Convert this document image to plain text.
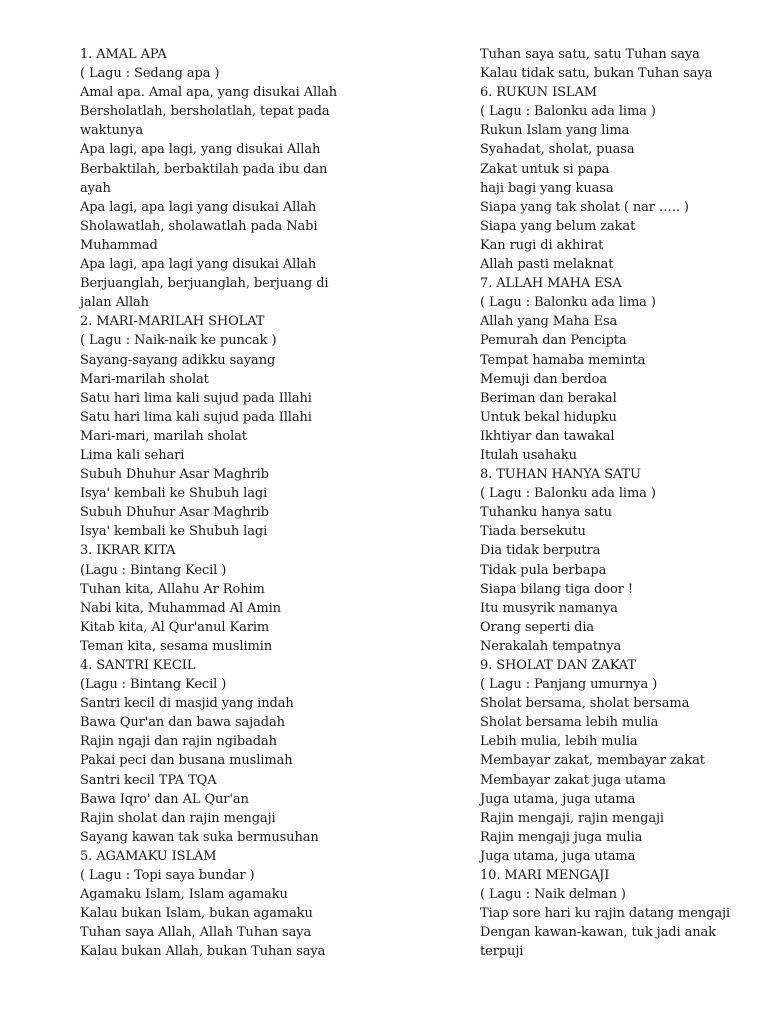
1. AMAL APA
( Lagu : Sedang apa )
Amal apa. Amal apa, yang disukai Allah
Bersholatlah, bersholatlah, tepat pada
waktunya
Apa lagi, apa lagi, yang disukai Allah
Berbaktilah, berbaktilah pada ibu dan
ayah
Apa lagi, apa lagi yang disukai Allah
Sholawatlah, sholawatlah pada Nabi
Muhammad
Apa lagi, apa lagi yang disukai Allah
Berjuanglah, berjuanglah, berjuang di
jalan Allah
2. MARI-MARILAH SHOLAT
( Lagu : Naik-naik ke puncak )
Sayang-sayang adikku sayang
Mari-marilah sholat
Satu hari lima kali sujud pada Illahi
Satu hari lima kali sujud pada Illahi
Mari-mari, marilah sholat
Lima kali sehari
Subuh Dhuhur Asar Maghrib
Isya' kembali ke Shubuh lagi
Subuh Dhuhur Asar Maghrib
Isya' kembali ke Shubuh lagi
3. IKRAR KITA
(Lagu : Bintang Kecil )
Tuhan kita, Allahu Ar Rohim
Nabi kita, Muhammad Al Amin
Kitab kita, Al Qur'anul Karim
Teman kita, sesama muslimin
4. SANTRI KECIL
(Lagu : Bintang Kecil )
Santri kecil di masjid yang indah
Bawa Qur'an dan bawa sajadah
Rajin ngaji dan rajin ngibadah
Pakai peci dan busana muslimah
Santri kecil TPA TQA
Bawa Iqro' dan AL Qur'an
Rajin sholat dan rajin mengaji
Sayang kawan tak suka bermusuhan
5. AGAMAKU ISLAM
( Lagu : Topi saya bundar )
Agamaku Islam, Islam agamaku
Kalau bukan Islam, bukan agamaku
Tuhan saya Allah, Allah Tuhan saya
Kalau bukan Allah, bukan Tuhan saya
Tuhan saya satu, satu Tuhan saya
Kalau tidak satu, bukan Tuhan saya
6. RUKUN ISLAM
( Lagu : Balonku ada lima )
Rukun Islam yang lima
Syahadat, sholat, puasa
Zakat untuk si papa
haji bagi yang kuasa
Siapa yang tak sholat ( nar ….. )
Siapa yang belum zakat
Kan rugi di akhirat
Allah pasti melaknat
7. ALLAH MAHA ESA
( Lagu : Balonku ada lima )
Allah yang Maha Esa
Pemurah dan Pencipta
Tempat hamaba meminta
Memuji dan berdoa
Beriman dan berakal
Untuk bekal hidupku
Ikhtiyar dan tawakal
Itulah usahaku
8. TUHAN HANYA SATU
( Lagu : Balonku ada lima )
Tuhanku hanya satu
Tiada bersekutu
Dia tidak berputra
Tidak pula berbapa
Siapa bilang tiga door !
Itu musyrik namanya
Orang seperti dia
Nerakalah tempatnya
9. SHOLAT DAN ZAKAT
( Lagu : Panjang umurnya )
Sholat bersama, sholat bersama
Sholat bersama lebih mulia
Lebih mulia, lebih mulia
Membayar zakat, membayar zakat
Membayar zakat juga utama
Juga utama, juga utama
Rajin mengaji, rajin mengaji
Rajin mengaji juga mulia
Juga utama, juga utama
10. MARI MENGAJI
( Lagu : Naik delman )
Tiap sore hari ku rajin datang mengaji
Dengan kawan-kawan, tuk jadi anak
terpuji
